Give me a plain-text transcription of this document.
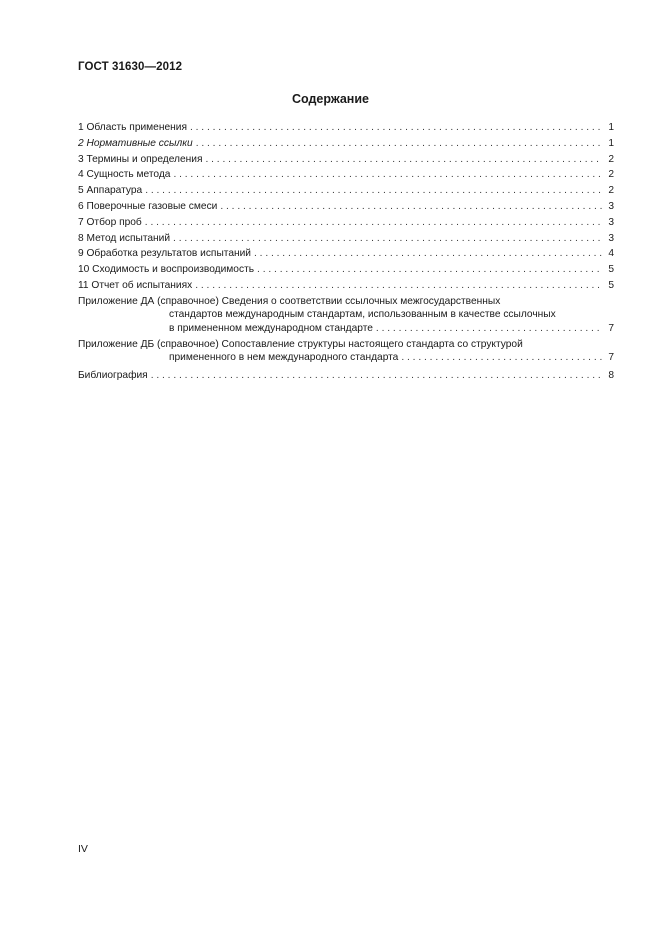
ГОСТ 31630—2012
Содержание
1 Область применения . . .	1
2 Нормативные ссылки . . .	1
3 Термины и определения . . .	2
4 Сущность метода . . .	2
5 Аппаратура . . .	2
6 Поверочные газовые смеси . . .	3
7 Отбор проб . . .	3
8 Метод испытаний . . .	3
9 Обработка результатов испытаний . . .	4
10 Сходимость и воспроизводимость . . .	5
11 Отчет об испытаниях . . .	5
Приложение ДА (справочное) Сведения о соответствии ссылочных межгосударственных
стандартов международным стандартам, использованным в качестве ссылочных
в примененном международном стандарте . . .	7
Приложение ДБ (справочное) Сопоставление структуры настоящего стандарта со структурой
примененного в нем международного стандарта . . .	7
Библиография . . .	8
IV
